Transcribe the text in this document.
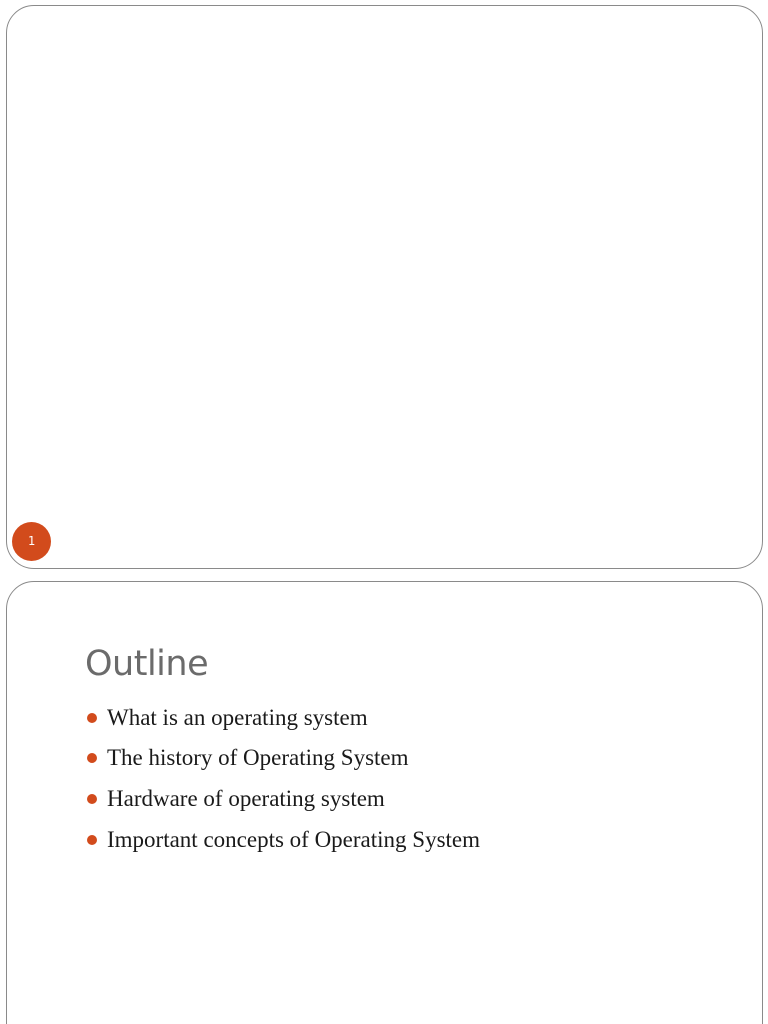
1
Outline
What is an operating system
The history of Operating System
Hardware of operating system
Important concepts of Operating System
